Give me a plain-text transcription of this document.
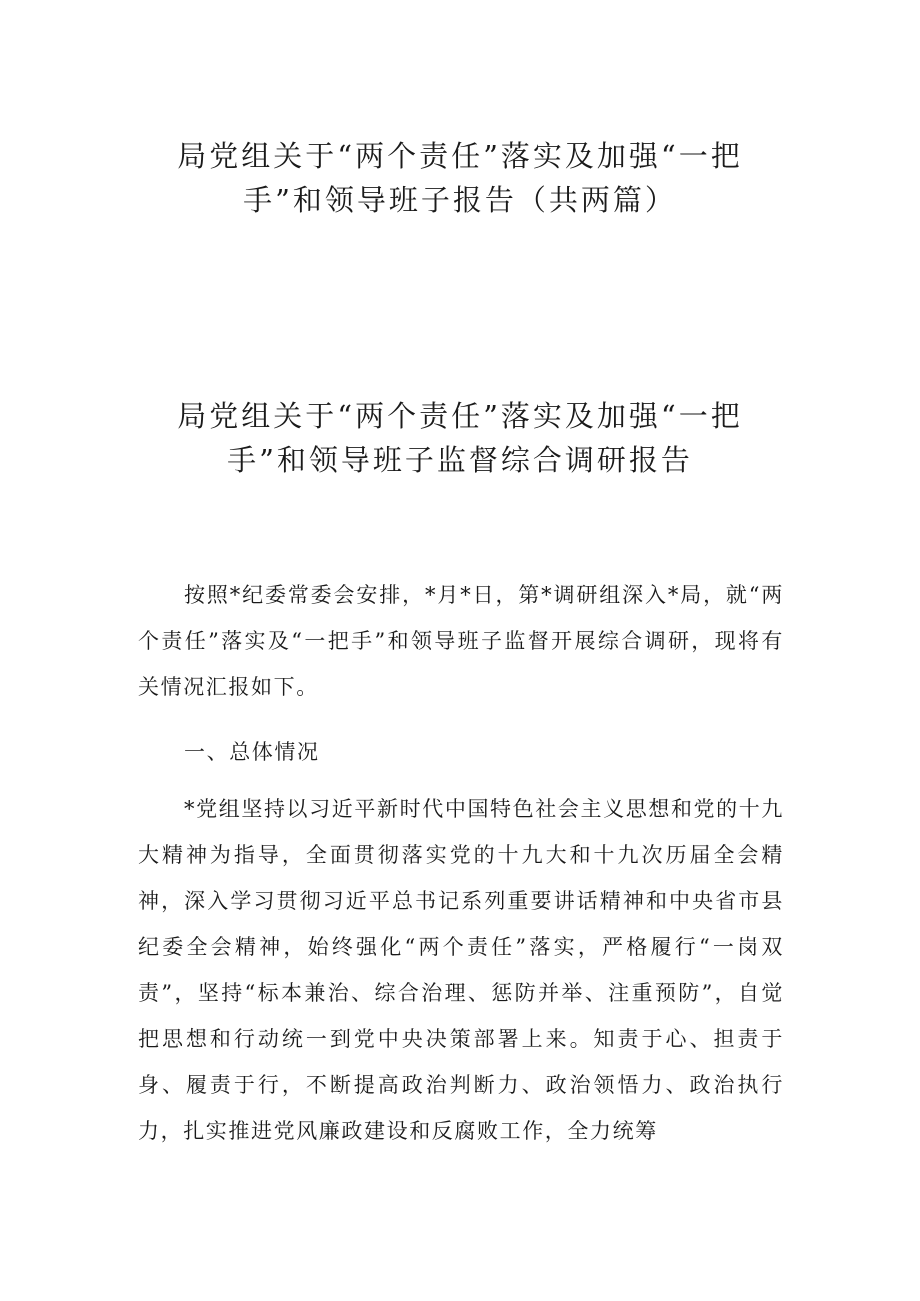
局党组关于“两个责任”落实及加强“一把
手”和领导班子报告（共两篇）
局党组关于“两个责任”落实及加强“一把
手”和领导班子监督综合调研报告

按照*纪委常委会安排，*月*日，第*调研组深入*局，就“两个责任”落实及“一把手”和领导班子监督开展综合调研，现将有关情况汇报如下。

一、总体情况

*党组坚持以习近平新时代中国特色社会主义思想和党的十九大精神为指导，全面贯彻落实党的十九大和十九次历届全会精神，深入学习贯彻习近平总书记系列重要讲话精神和中央省市县纪委全会精神，始终强化“两个责任”落实，严格履行“一岗双责”，坚持“标本兼治、综合治理、惩防并举、注重预防”，自觉把思想和行动统一到党中央决策部署上来。知责于心、担责于身、履责于行，不断提高政治判断力、政治领悟力、政治执行力，扎实推进党风廉政建设和反腐败工作，全力统筹
